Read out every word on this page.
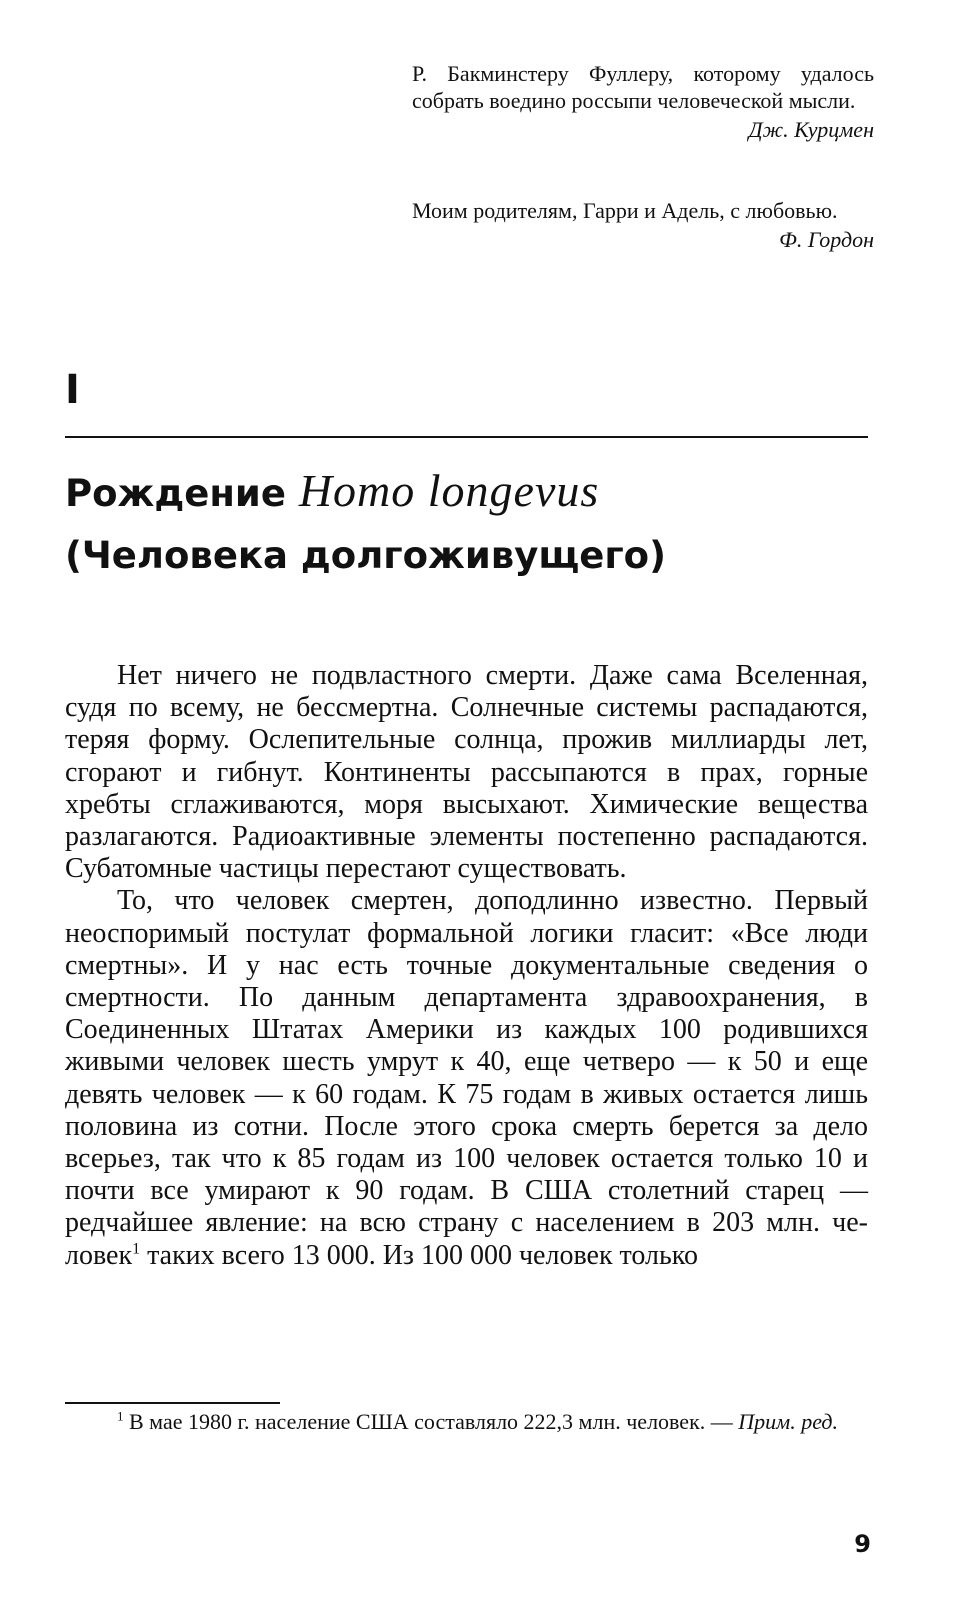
Р. Бакминстеру Фуллеру, которому удалось собрать воедино россыпи человеческой мысли.
Дж. Курцмен
Моим родителям, Гарри и Адель, с любовью.
Ф. Гордон
I
Рождение Homo longevus
(Человека долгоживущего)

Нет ничего не подвластного смерти. Даже сама Вселенная, судя по всему, не бессмертна. Солнечные системы распадаются, теряя форму. Ослепительные солнца, прожив миллиарды лет, сгорают и гибнут. Континенты рассыпаются в прах, горные хребты сглаживаются, моря высыхают. Химические вещества разлагаются. Радиоактивные элементы постепенно распадаются. Субатомные частицы перестают существовать.

То, что человек смертен, доподлинно известно. Первый неоспоримый постулат формальной логики гласит: «Все люди смертны». И у нас есть точные документальные сведения о смертности. По данным департамента здравоохранения, в Соединенных Штатах Америки из каждых 100 родившихся живыми человек шесть умрут к 40, еще четверо — к 50 и еще девять человек — к 60 годам. К 75 годам в живых остается лишь половина из сотни. После этого срока смерть берется за дело всерьез, так что к 85 годам из 100 человек остается только 10 и почти все умирают к 90 годам. В США столетний старец — редчайшее явление: на всю страну с населением в 203 млн. человек$^1$ таких всего 13 000. Из 100 000 человек только

$^1$ В мае 1980 г. население США составляло 222,3 млн. человек. — Прим. ред.
9
